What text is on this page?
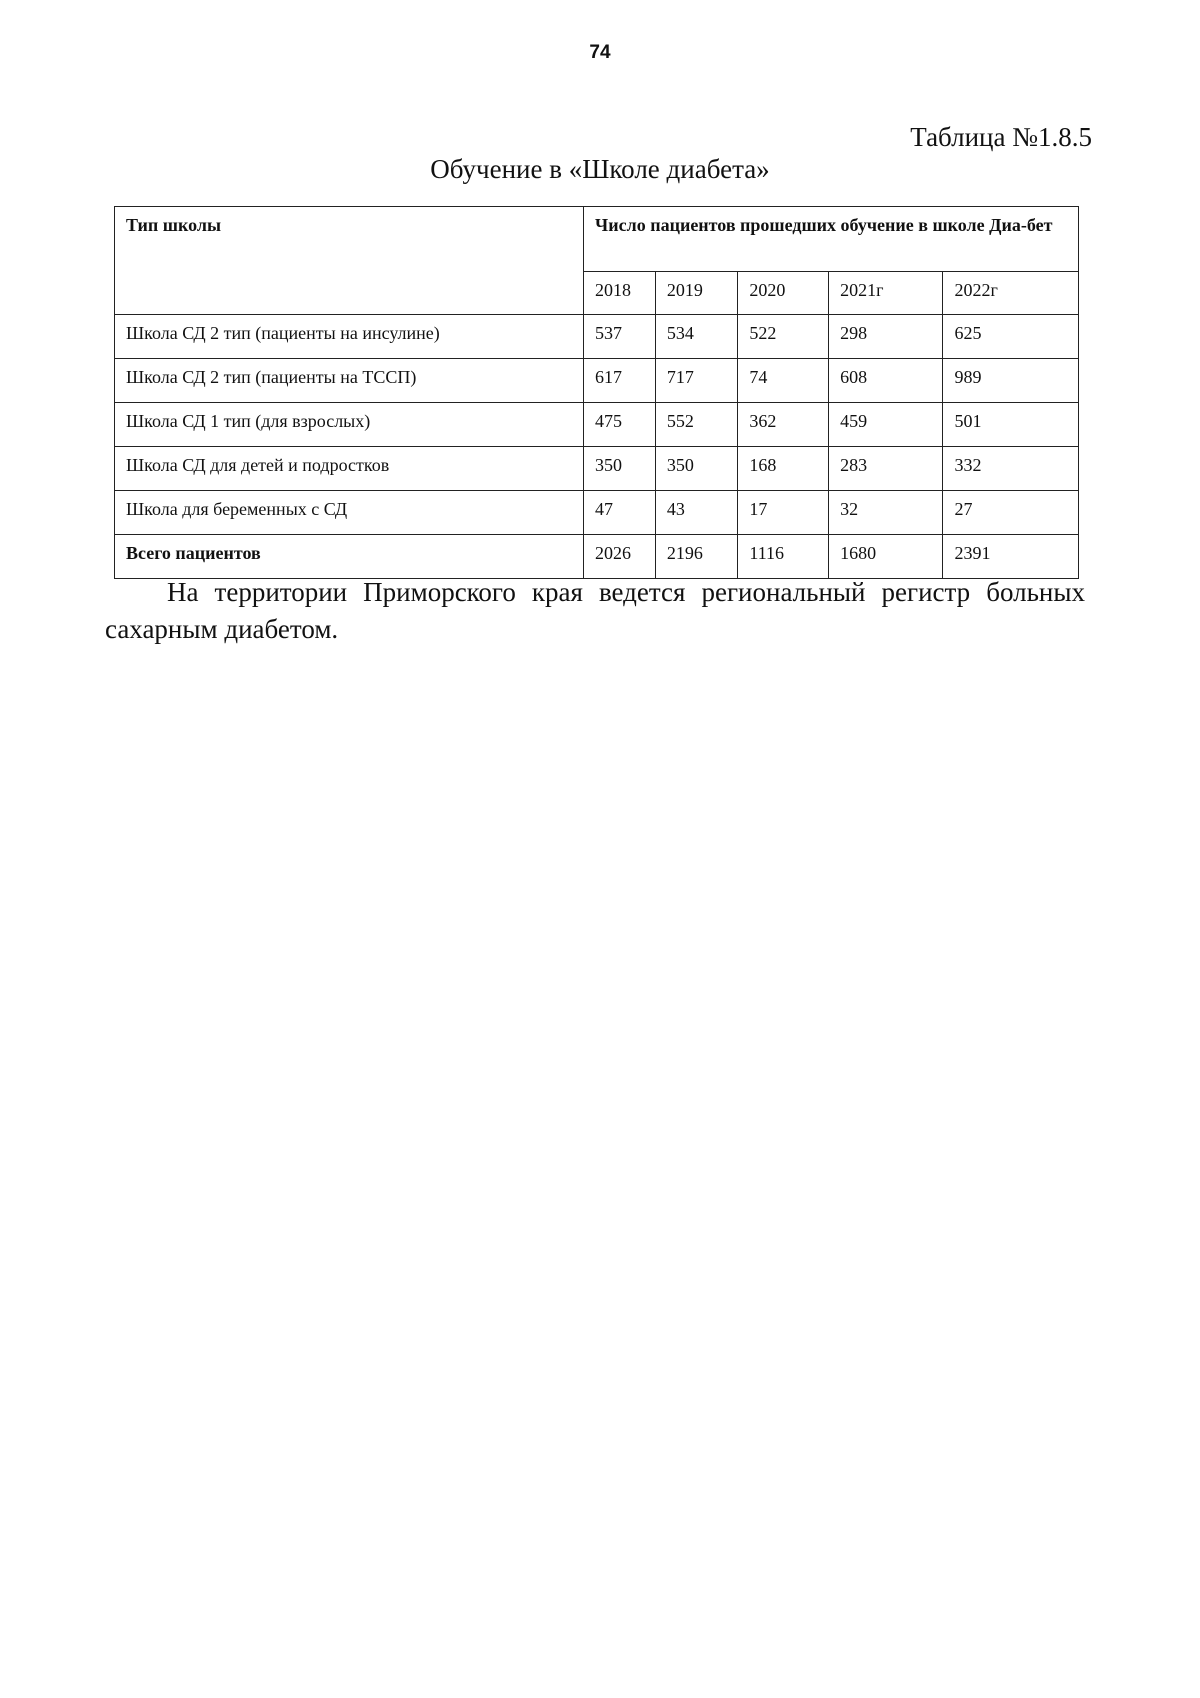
74
Таблица №1.8.5
Обучение в «Школе диабета»
Тип школы	Число пациентов прошедших обучение в школе Диа-бет				
	2018	2019	2020	2021г	2022г
Школа СД 2 тип (пациенты на инсулине)	537	534	522	298	625
Школа СД 2 тип (пациенты на ТССП)	617	717	74	608	989
Школа СД 1 тип (для взрослых)	475	552	362	459	501
Школа СД для детей и подростков	350	350	168	283	332
Школа для беременных с СД	47	43	17	32	27
Всего пациентов	2026	2196	1116	1680	2391
На территории Приморского края ведется региональный регистр больных сахарным диабетом.
